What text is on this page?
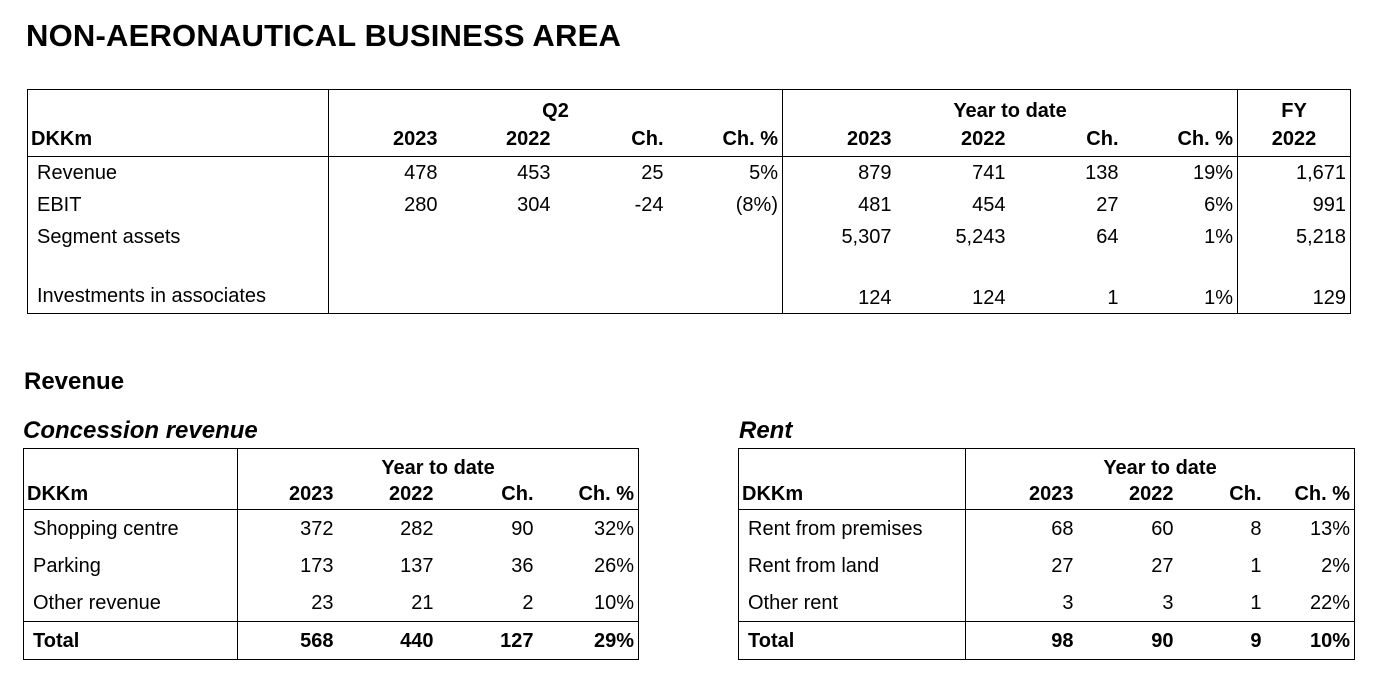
NON-AERONAUTICAL BUSINESS AREA
	Q2				Year to date				FY
DKKm	2023	2022	Ch.	Ch. %	2023	2022	Ch.	Ch. %	2022
Revenue	478	453	25	5%	879	741	138	19%	1,671
EBIT	280	304	-24	(8%)	481	454	27	6%	991
Segment assets					5,307	5,243	64	1%	5,218
Investments in associates					124	124	1	1%	129
Revenue
Concession revenue	Rent
	Year to date			
DKKm	2023	2022	Ch.	Ch. %
Shopping centre	372	282	90	32%
Parking	173	137	36	26%
Other revenue	23	21	2	10%
Total	568	440	127	29%
	Year to date			
DKKm	2023	2022	Ch.	Ch. %
Rent from premises	68	60	8	13%
Rent from land	27	27	1	2%
Other rent	3	3	1	22%
Total	98	90	9	10%
